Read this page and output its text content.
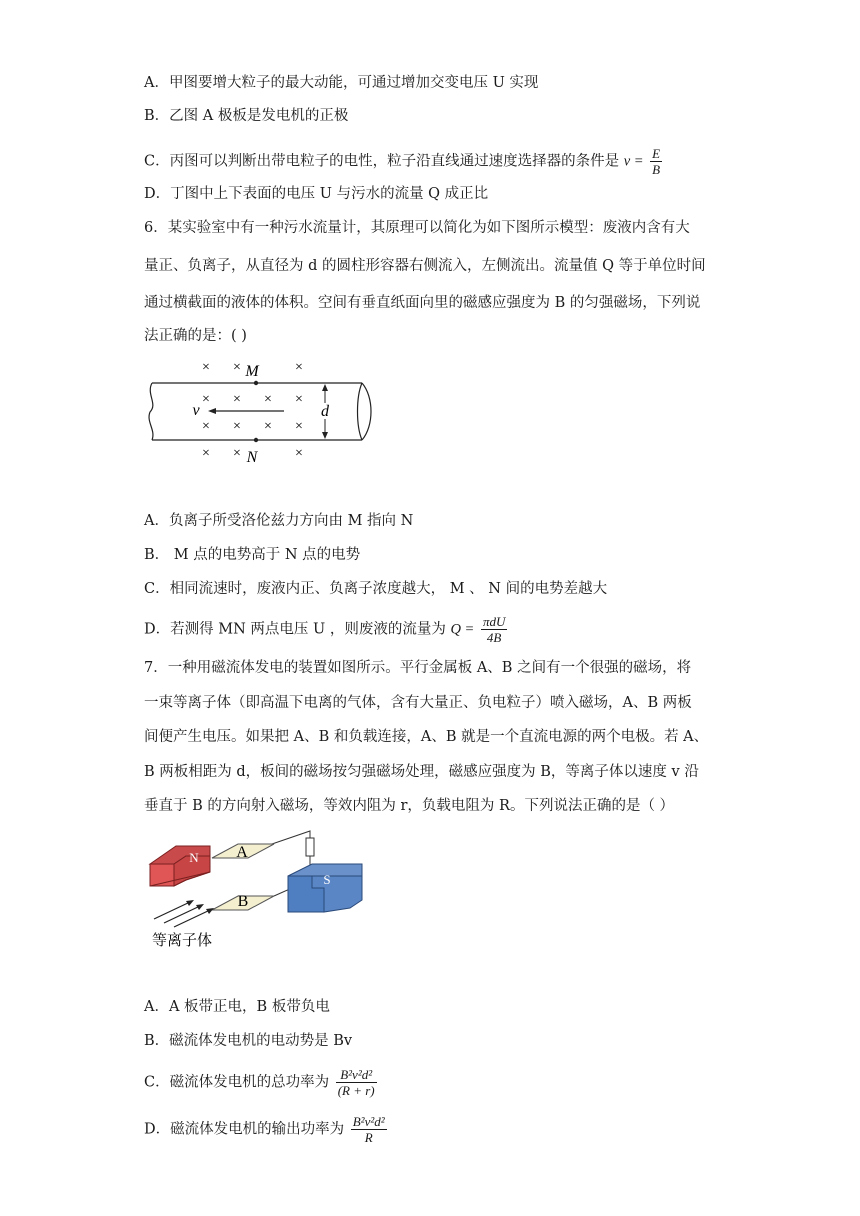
A．甲图要增大粒子的最大动能，可通过增加交变电压 U 实现
B．乙图 A 极板是发电机的正极
C．丙图可以判断出带电粒子的电性，粒子沿直线通过速度选择器的条件是 $v = \frac{E}{B}$
D．丁图中上下表面的电压 U 与污水的流量 Q 成正比
6．某实验室中有一种污水流量计，其原理可以简化为如下图所示模型：废液内含有大
量正、负离子，从直径为 d 的圆柱形容器右侧流入，左侧流出。流量值 Q 等于单位时间
通过横截面的液体的体积。空间有垂直纸面向里的磁感应强度为 B 的匀强磁场，下列说
法正确的是：( )
× ×	×
M
× × × ×
v
× × × ×
d
× × N	×
A．负离子所受洛伦兹力方向由 M 指向 N
B． M 点的电势高于 N 点的电势
C．相同流速时，废液内正、负离子浓度越大， M 、 N 间的电势差越大
D．若测得 MN 两点电压 U ，则废液的流量为 $Q = \frac{\text{πdU}}{4B}$
7．一种用磁流体发电的装置如图所示。平行金属板 A、B 之间有一个很强的磁场，将
一束等离子体（即高温下电离的气体，含有大量正、负电粒子）喷入磁场，A、B 两板
间便产生电压。如果把 A、B 和负载连接，A、B 就是一个直流电源的两个电极。若 A、
B 两板相距为 d，板间的磁场按匀强磁场处理，磁感应强度为 B，等离子体以速度 v 沿
垂直于 B 的方向射入磁场，等效内阻为 r，负载电阻为 R。下列说法正确的是（ ）
N A
B
S
等离子体
A．A 板带正电，B 板带负电
B．磁流体发电机的电动势是 Bv
C．磁流体发电机的总功率为 $\frac{\text{B²v²d²}}{(R + r)}$
D．磁流体发电机的输出功率为 $\frac{\text{B²v²d²}}{R}$
